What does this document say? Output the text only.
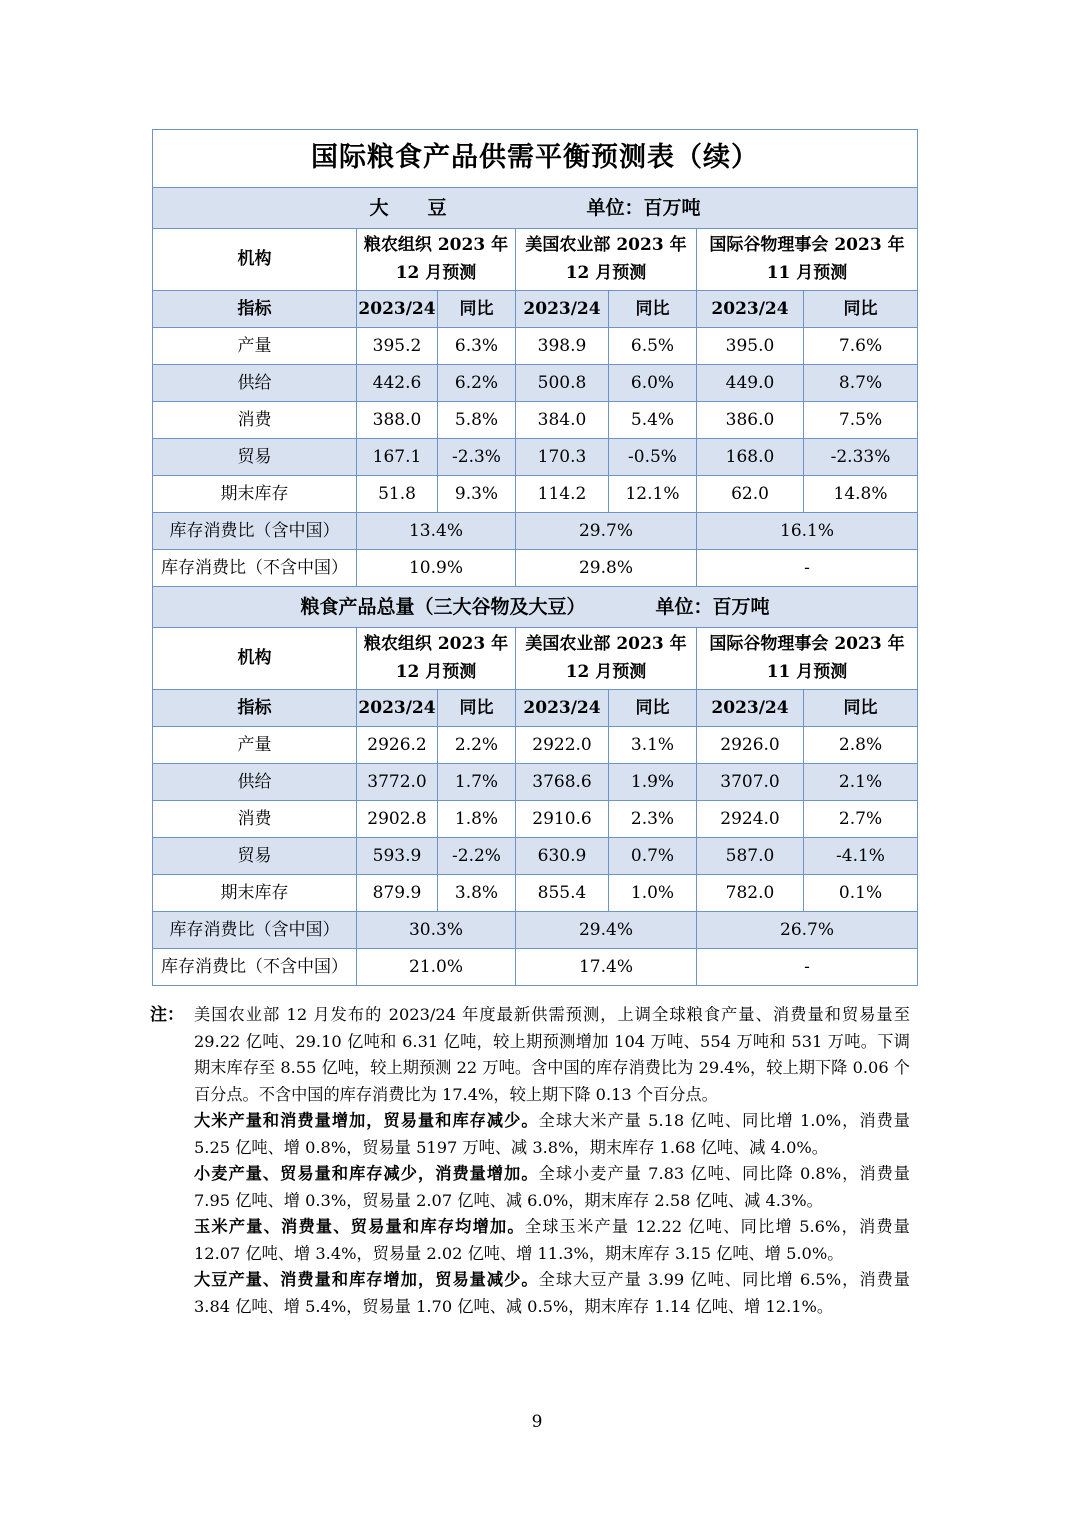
国际粮食产品供需平衡预测表（续）						
大　豆 单位：百万吨						
机构	粮农组织 2023 年 12 月预测		美国农业部 2023 年 12 月预测		国际谷物理事会 2023 年 11 月预测	
指标	2023/24	同比	2023/24	同比	2023/24	同比
产量	395.2	6.3%	398.9	6.5%	395.0	7.6%
供给	442.6	6.2%	500.8	6.0%	449.0	8.7%
消费	388.0	5.8%	384.0	5.4%	386.0	7.5%
贸易	167.1	-2.3%	170.3	-0.5%	168.0	-2.33%
期末库存	51.8	9.3%	114.2	12.1%	62.0	14.8%
库存消费比（含中国）	13.4%		29.7%		16.1%	
库存消费比（不含中国）	10.9%		29.8%		-	
粮食产品总量（三大谷物及大豆） 单位：百万吨						
机构	粮农组织 2023 年 12 月预测		美国农业部 2023 年 12 月预测		国际谷物理事会 2023 年 11 月预测	
指标	2023/24	同比	2023/24	同比	2023/24	同比
产量	2926.2	2.2%	2922.0	3.1%	2926.0	2.8%
供给	3772.0	1.7%	3768.6	1.9%	3707.0	2.1%
消费	2902.8	1.8%	2910.6	2.3%	2924.0	2.7%
贸易	593.9	-2.2%	630.9	0.7%	587.0	-4.1%
期末库存	879.9	3.8%	855.4	1.0%	782.0	0.1%
库存消费比（含中国）	30.3%		29.4%		26.7%	
库存消费比（不含中国）	21.0%		17.4%		-	
注： 美国农业部 12 月发布的 2023/24 年度最新供需预测，上调全球粮食产量、消费量和贸易量至 29.22 亿吨、29.10 亿吨和 6.31 亿吨，较上期预测增加 104 万吨、554 万吨和 531 万吨。下调期末库存至 8.55 亿吨，较上期预测 22 万吨。含中国的库存消费比为 29.4%，较上期下降 0.06 个百分点。不含中国的库存消费比为 17.4%，较上期下降 0.13 个百分点。
大米产量和消费量增加，贸易量和库存减少。全球大米产量 5.18 亿吨、同比增 1.0%，消费量 5.25 亿吨、增 0.8%，贸易量 5197 万吨、减 3.8%，期末库存 1.68 亿吨、减 4.0%。
小麦产量、贸易量和库存减少，消费量增加。全球小麦产量 7.83 亿吨、同比降 0.8%，消费量 7.95 亿吨、增 0.3%，贸易量 2.07 亿吨、减 6.0%，期末库存 2.58 亿吨、减 4.3%。
玉米产量、消费量、贸易量和库存均增加。全球玉米产量 12.22 亿吨、同比增 5.6%，消费量 12.07 亿吨、增 3.4%，贸易量 2.02 亿吨、增 11.3%，期末库存 3.15 亿吨、增 5.0%。
大豆产量、消费量和库存增加，贸易量减少。全球大豆产量 3.99 亿吨、同比增 6.5%，消费量 3.84 亿吨、增 5.4%，贸易量 1.70 亿吨、减 0.5%，期末库存 1.14 亿吨、增 12.1%。
9
